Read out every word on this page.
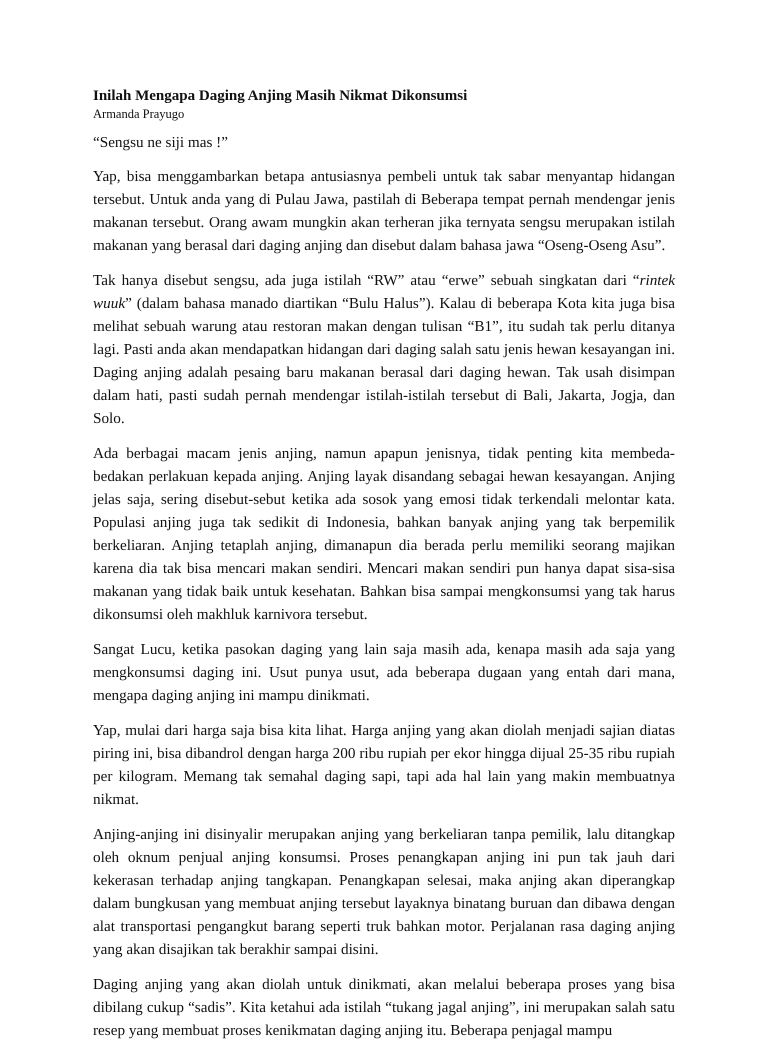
Inilah Mengapa Daging Anjing Masih Nikmat Dikonsumsi

Armanda Prayugo

“Sengsu ne siji mas !”

Yap, bisa menggambarkan betapa antusiasnya pembeli untuk tak sabar menyantap hidangan tersebut. Untuk anda yang di Pulau Jawa, pastilah di Beberapa tempat pernah mendengar jenis makanan tersebut. Orang awam mungkin akan terheran jika ternyata sengsu merupakan istilah makanan yang berasal dari daging anjing dan disebut dalam bahasa jawa “Oseng-Oseng Asu”.

Tak hanya disebut sengsu, ada juga istilah “RW” atau “erwe” sebuah singkatan dari “rintek wuuk” (dalam bahasa manado diartikan “Bulu Halus”). Kalau di beberapa Kota kita juga bisa melihat sebuah warung atau restoran makan dengan tulisan “B1”, itu sudah tak perlu ditanya lagi. Pasti anda akan mendapatkan hidangan dari daging salah satu jenis hewan kesayangan ini. Daging anjing adalah pesaing baru makanan berasal dari daging hewan. Tak usah disimpan dalam hati, pasti sudah pernah mendengar istilah-istilah tersebut di Bali, Jakarta, Jogja, dan Solo.

Ada berbagai macam jenis anjing, namun apapun jenisnya, tidak penting kita membeda-bedakan perlakuan kepada anjing. Anjing layak disandang sebagai hewan kesayangan. Anjing jelas saja, sering disebut-sebut ketika ada sosok yang emosi tidak terkendali melontar kata. Populasi anjing juga tak sedikit di Indonesia, bahkan banyak anjing yang tak berpemilik berkeliaran. Anjing tetaplah anjing, dimanapun dia berada perlu memiliki seorang majikan karena dia tak bisa mencari makan sendiri. Mencari makan sendiri pun hanya dapat sisa-sisa makanan yang tidak baik untuk kesehatan. Bahkan bisa sampai mengkonsumsi yang tak harus dikonsumsi oleh makhluk karnivora tersebut.

Sangat Lucu, ketika pasokan daging yang lain saja masih ada, kenapa masih ada saja yang mengkonsumsi daging ini. Usut punya usut, ada beberapa dugaan yang entah dari mana, mengapa daging anjing ini mampu dinikmati.

Yap, mulai dari harga saja bisa kita lihat. Harga anjing yang akan diolah menjadi sajian diatas piring ini, bisa dibandrol dengan harga 200 ribu rupiah per ekor hingga dijual 25-35 ribu rupiah per kilogram. Memang tak semahal daging sapi, tapi ada hal lain yang makin membuatnya nikmat.

Anjing-anjing ini disinyalir merupakan anjing yang berkeliaran tanpa pemilik, lalu ditangkap oleh oknum penjual anjing konsumsi. Proses penangkapan anjing ini pun tak jauh dari kekerasan terhadap anjing tangkapan. Penangkapan selesai, maka anjing akan diperangkap dalam bungkusan yang membuat anjing tersebut layaknya binatang buruan dan dibawa dengan alat transportasi pengangkut barang seperti truk bahkan motor. Perjalanan rasa daging anjing yang akan disajikan tak berakhir sampai disini.

Daging anjing yang akan diolah untuk dinikmati, akan melalui beberapa proses yang bisa dibilang cukup “sadis”. Kita ketahui ada istilah “tukang jagal anjing”, ini merupakan salah satu resep yang membuat proses kenikmatan daging anjing itu. Beberapa penjagal mampu
